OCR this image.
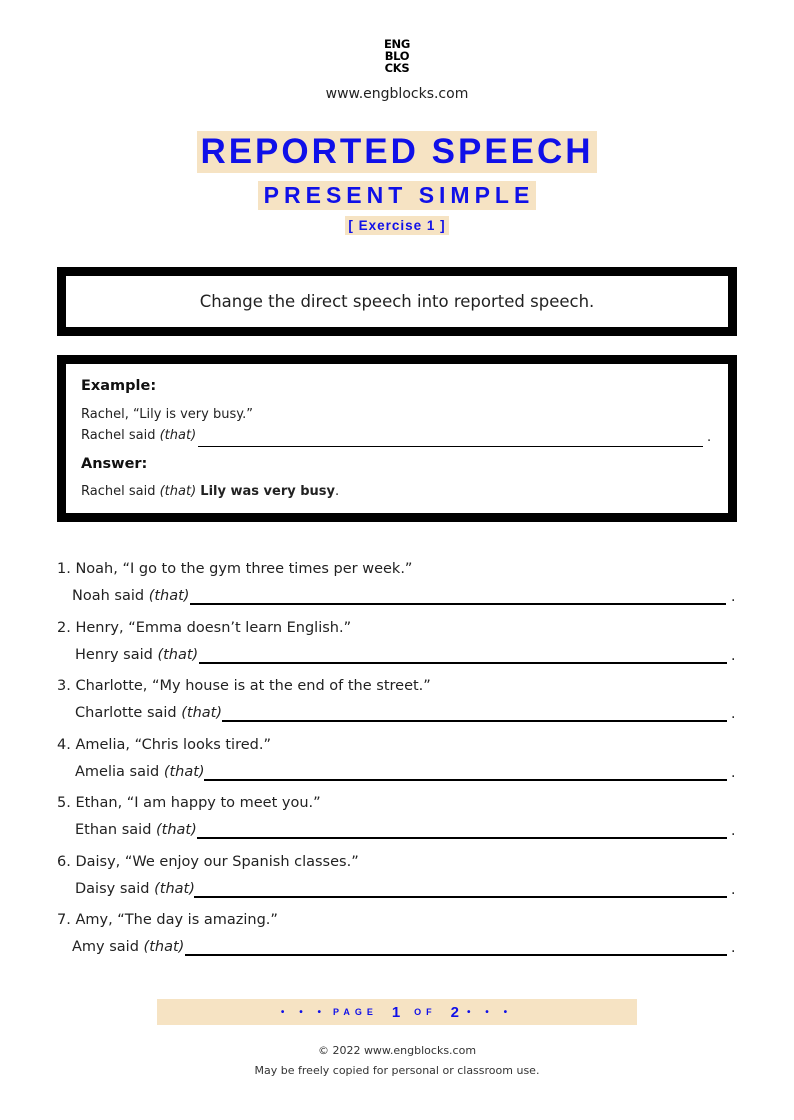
ENG
BLO
CKS
www.engblocks.com
REPORTED SPEECH
PRESENT SIMPLE
[ Exercise 1 ]
Change the direct speech into reported speech.
Example:
Rachel, “Lily is very busy.”
Rachel said (that)	.
Answer:
Rachel said (that) Lily was very busy.
1. Noah, “I go to the gym three times per week.”
Noah said (that)	.
2. Henry, “Emma doesn’t learn English.”
Henry said (that)	.
3. Charlotte, “My house is at the end of the street.”
Charlotte said (that)	.
4. Amelia, “Chris looks tired.”
Amelia said (that)	.
5. Ethan, “I am happy to meet you.”
Ethan said (that)	.
6. Daisy, “We enjoy our Spanish classes.”
Daisy said (that)	.
7. Amy, “The day is amazing.”
Amy said (that)	.
• • • PAGE 1 OF 2 • • •
© 2022 www.engblocks.com
May be freely copied for personal or classroom use.
